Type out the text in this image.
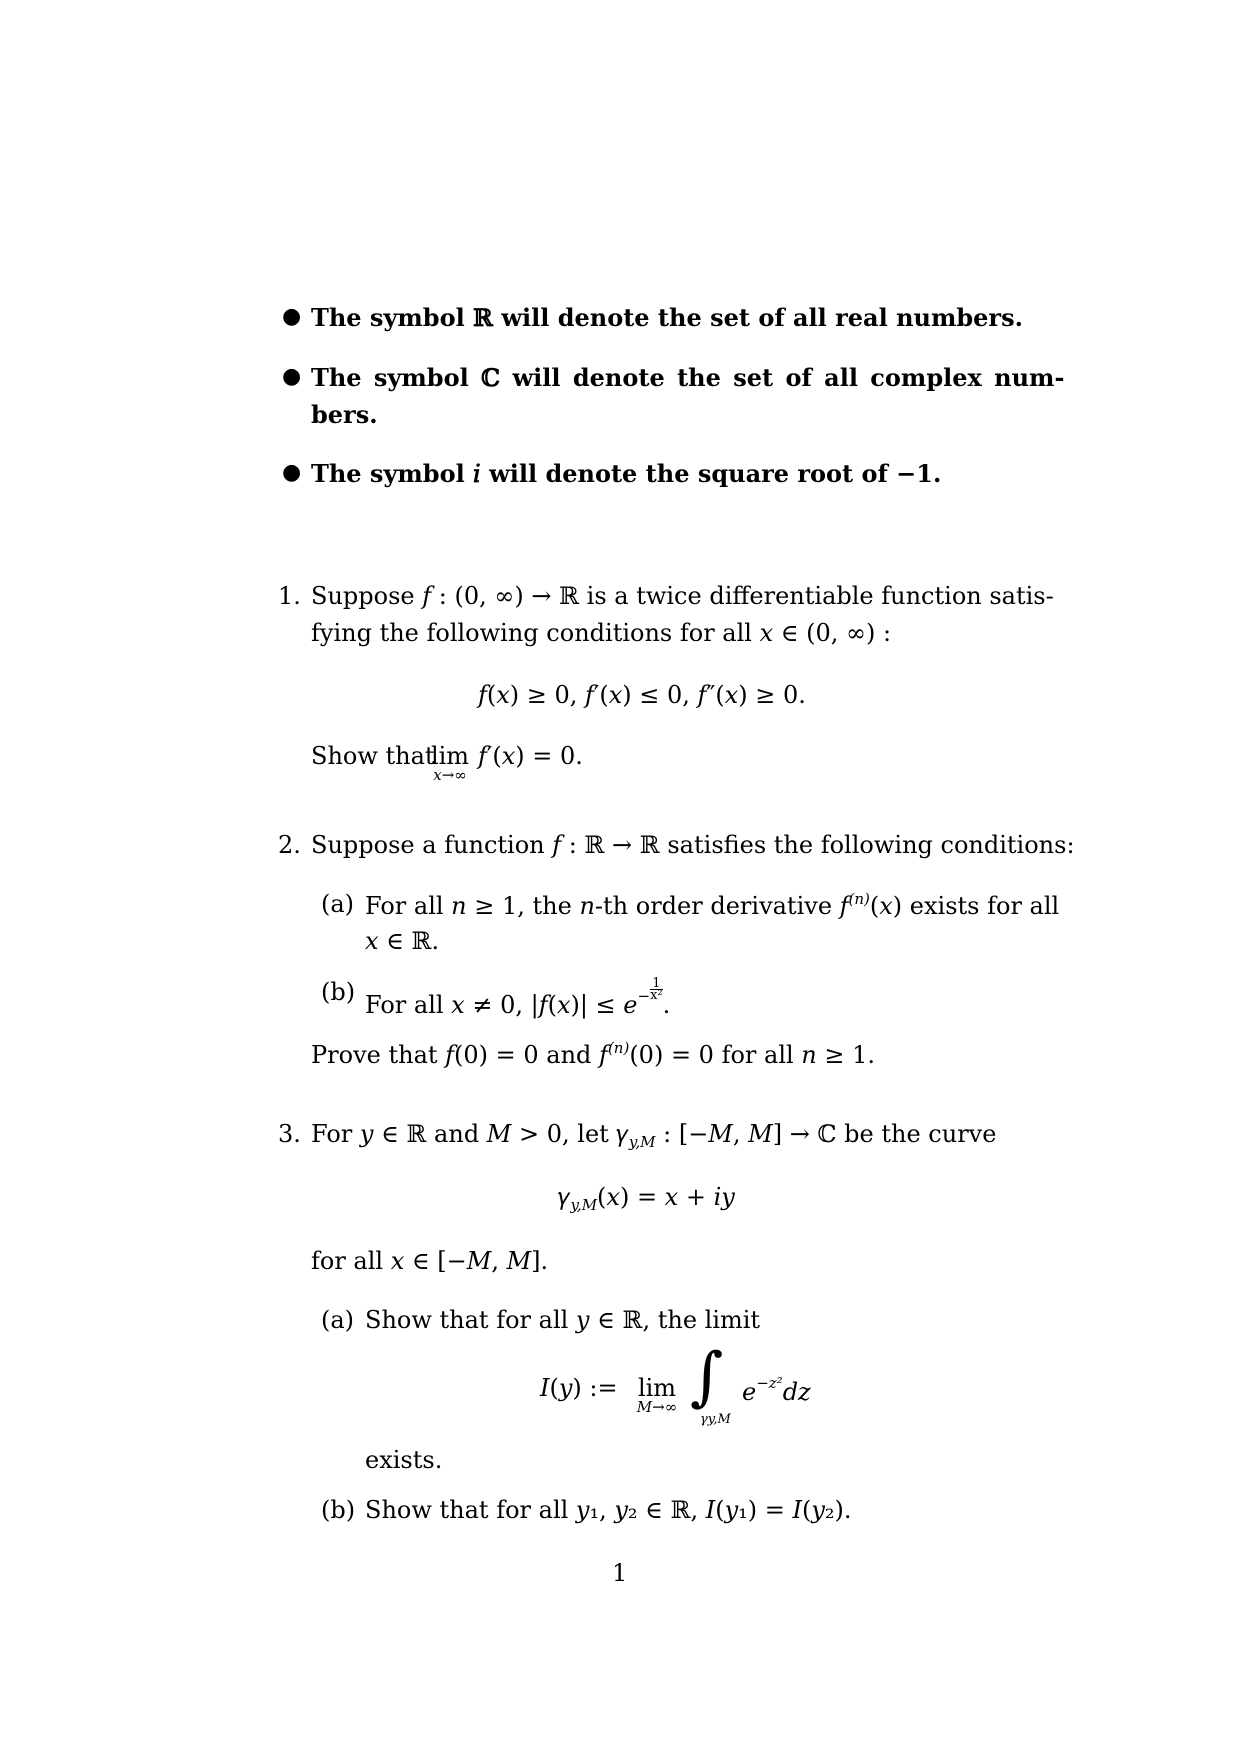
● The symbol ℝ will denote the set of all real numbers.
● The symbol ℂ will denote the set of all complex num-
bers.
● The symbol 𝑖 will denote the square root of −1.
1. Suppose 𝑓 : (0, ∞) → ℝ is a twice differentiable function satis-
fying the following conditions for all 𝑥 ∈ (0, ∞) :
𝑓(𝑥) ≥ 0, 𝑓′(𝑥) ≤ 0, 𝑓″(𝑥) ≥ 0.
Show that
lim
x→∞
𝑓′(𝑥) = 0.
2. Suppose a function 𝑓 : ℝ → ℝ satisfies the following conditions:
(a) For all 𝑛 ≥ 1, the 𝑛-th order derivative 𝑓$^{(n)}$(𝑥) exists for all
𝑥 ∈ ℝ.
(b) For all 𝑥 ≠ 0, |𝑓(𝑥)| ≤ 𝑒− $\frac{1}{\text{x²}}$
.
Prove that 𝑓(0) = 0 and 𝑓$^{(n)}$(0) = 0 for all 𝑛 ≥ 1.
3. For 𝑦 ∈ ℝ and 𝑀 > 0, let 𝛾$_{y,M}$ : [−𝑀, 𝑀] → ℂ be the curve
𝛾$_{y,M}$(𝑥) = 𝑥 + 𝑖𝑦
for all 𝑥 ∈ [−𝑀, 𝑀].
(a) Show that for all 𝑦 ∈ ℝ, the limit
𝐼(𝑦) := lim
M→∞ ∫
γy,M
𝑒$^{-z^2}$𝑑𝑧
exists.
(b) Show that for all 𝑦₁, 𝑦₂ ∈ ℝ, 𝐼(𝑦₁) = 𝐼(𝑦₂).
1
